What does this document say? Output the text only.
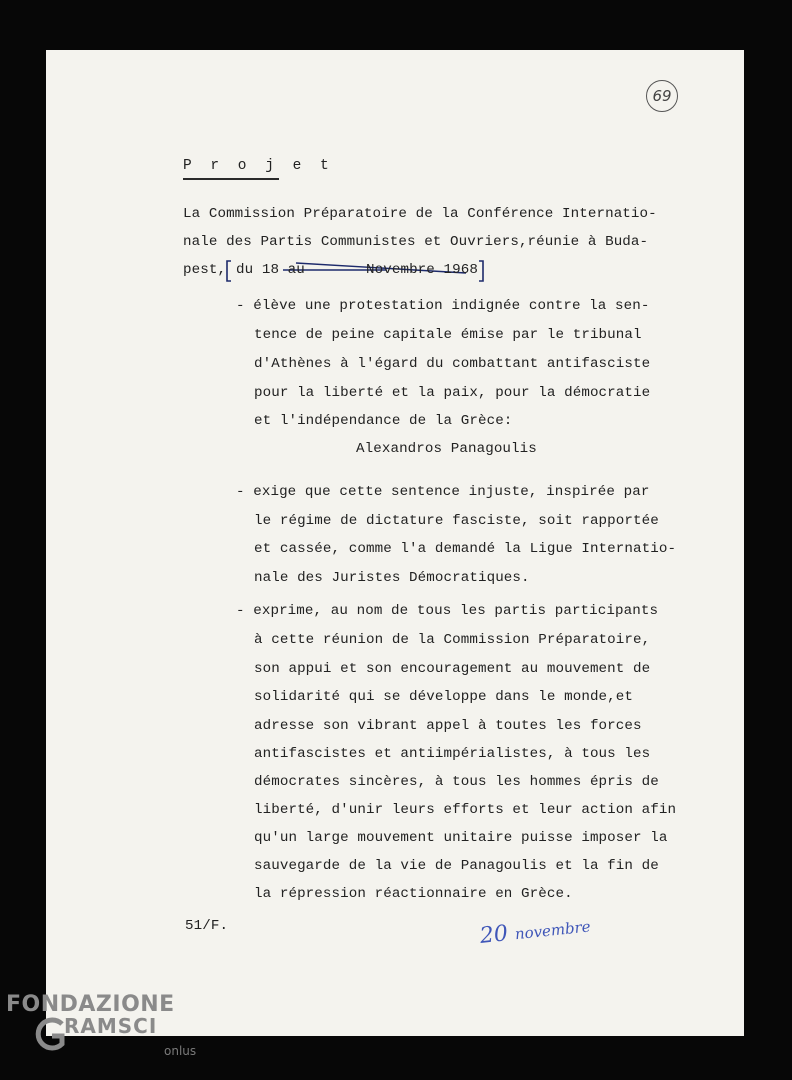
69
P r o j e t
La Commission Préparatoire de la Conférence Internatio-
nale des Partis Communistes et Ouvriers,réunie à Buda-
pest, du 18 au	Novembre 1968
- élève une protestation indignée contre la sen-
tence de peine capitale émise par le tribunal
d'Athènes à l'égard du combattant antifasciste
pour la liberté et la paix, pour la démocratie
et l'indépendance de la Grèce:
Alexandros Panagoulis
- exige que cette sentence injuste, inspirée par
le régime de dictature fasciste, soit rapportée
et cassée, comme l'a demandé la Ligue Internatio-
nale des Juristes Démocratiques.
- exprime, au nom de tous les partis participants
à cette réunion de la Commission Préparatoire,
son appui et son encouragement au mouvement de
solidarité qui se développe dans le monde,et
adresse son vibrant appel à toutes les forces
antifascistes et antiimpérialistes, à tous les
démocrates sincères, à tous les hommes épris de
liberté, d'unir leurs efforts et leur action afin
qu'un large mouvement unitaire puisse imposer la
sauvegarde de la vie de Panagoulis et la fin de
la répression réactionnaire en Grèce.
51/F.	20 novembre
FONDAZIONE
RAMSCI
onlus
